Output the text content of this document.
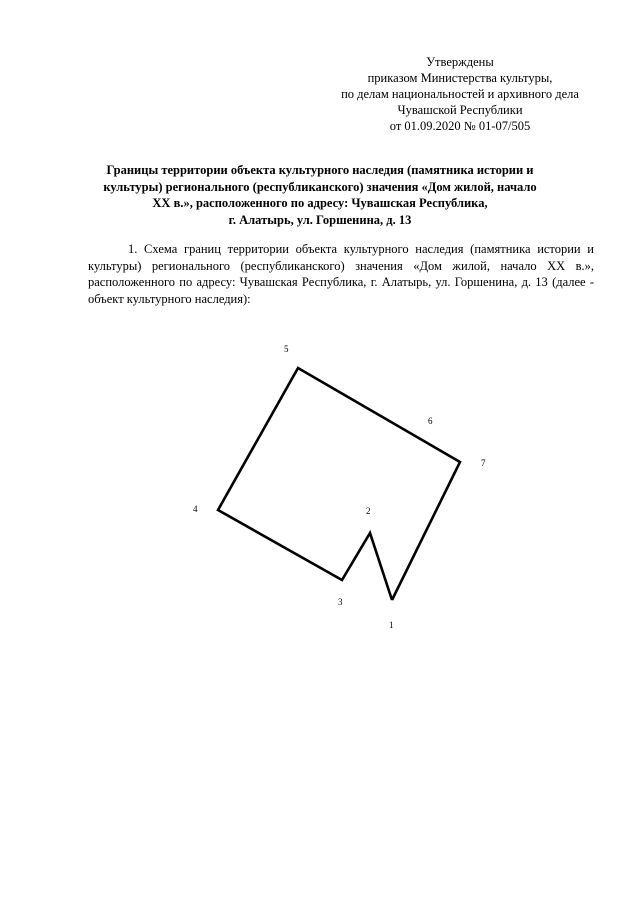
Утверждены
приказом Министерства культуры,
по делам национальностей и архивного дела
Чувашской Республики
от 01.09.2020 № 01-07/505
Границы территории объекта культурного наследия (памятника истории и
культуры) регионального (республиканского) значения «Дом жилой, начало
XX в.», расположенного по адресу: Чувашская Республика,
г. Алатырь, ул. Горшенина, д. 13
1. Схема границ территории объекта культурного наследия (памятника истории и культуры) регионального (республиканского) значения «Дом жилой, начало XX в.», расположенного по адресу: Чувашская Республика, г. Алатырь, ул. Горшенина, д. 13 (далее - объект культурного наследия):
1
2
3
4
5
6
7
